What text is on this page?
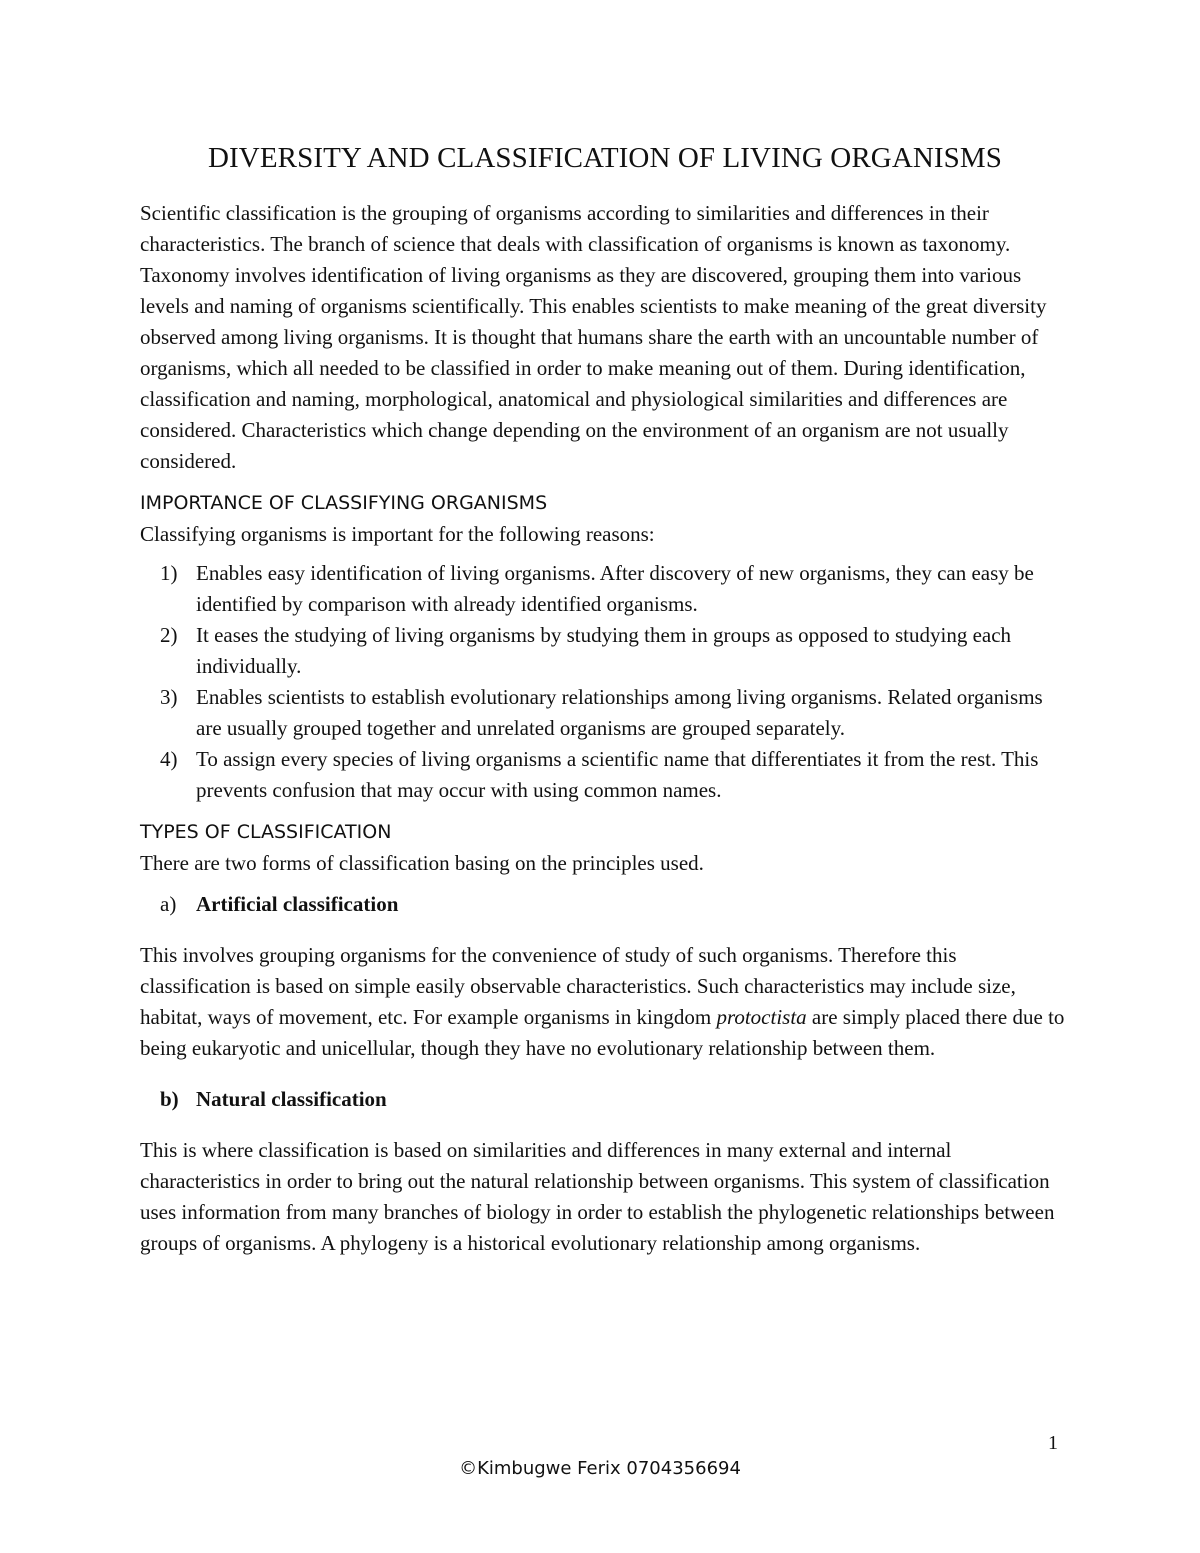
DIVERSITY AND CLASSIFICATION OF LIVING ORGANISMS

Scientific classification is the grouping of organisms according to similarities and differences in their characteristics. The branch of science that deals with classification of organisms is known as taxonomy.

Taxonomy involves identification of living organisms as they are discovered, grouping them into various levels and naming of organisms scientifically. This enables scientists to make meaning of the great diversity observed among living organisms. It is thought that humans share the earth with an uncountable number of organisms, which all needed to be classified in order to make meaning out of them. During identification, classification and naming, morphological, anatomical and physiological similarities and differences are considered. Characteristics which change depending on the environment of an organism are not usually considered.

IMPORTANCE OF CLASSIFYING ORGANISMS

Classifying organisms is important for the following reasons:

1) Enables easy identification of living organisms. After discovery of new organisms, they can easy be identified by comparison with already identified organisms.
2) It eases the studying of living organisms by studying them in groups as opposed to studying each individually.
3) Enables scientists to establish evolutionary relationships among living organisms. Related organisms are usually grouped together and unrelated organisms are grouped separately.
4) To assign every species of living organisms a scientific name that differentiates it from the rest. This prevents confusion that may occur with using common names.

TYPES OF CLASSIFICATION

There are two forms of classification basing on the principles used.

a) Artificial classification

This involves grouping organisms for the convenience of study of such organisms. Therefore this classification is based on simple easily observable characteristics. Such characteristics may include size, habitat, ways of movement, etc. For example organisms in kingdom protoctista are simply placed there due to being eukaryotic and unicellular, though they have no evolutionary relationship between them.

b) Natural classification

This is where classification is based on similarities and differences in many external and internal characteristics in order to bring out the natural relationship between organisms. This system of classification uses information from many branches of biology in order to establish the phylogenetic relationships between groups of organisms. A phylogeny is a historical evolutionary relationship among organisms.

1
©Kimbugwe Ferix 0704356694
